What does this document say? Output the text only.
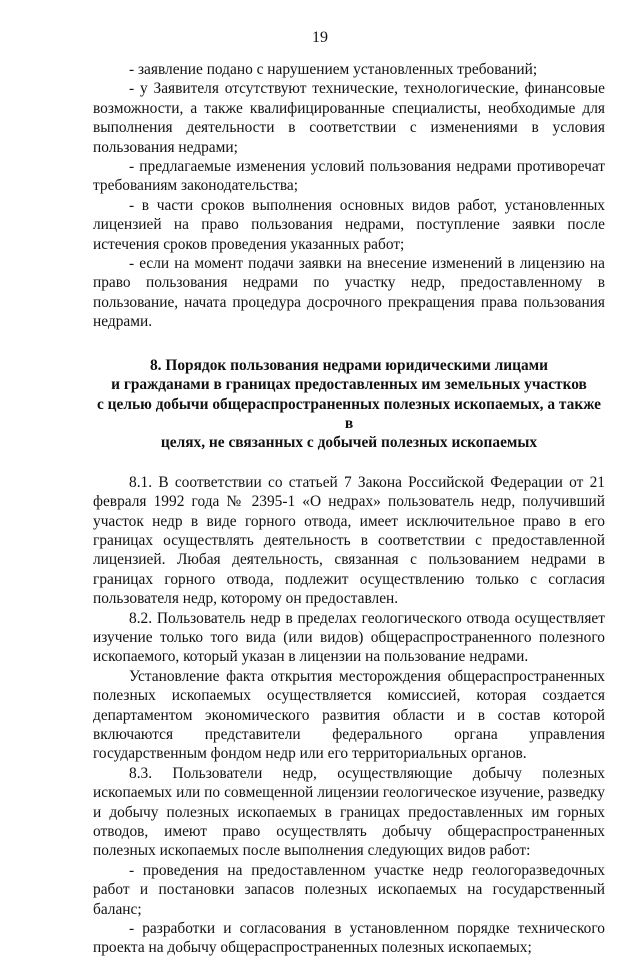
19

- заявление подано с нарушением установленных требований;

- у Заявителя отсутствуют технические, технологические, финансовые возможности, а также квалифицированные специалисты, необходимые для выполнения деятельности в соответствии с изменениями в условия пользования недрами;

- предлагаемые изменения условий пользования недрами противоречат требованиям законодательства;

- в части сроков выполнения основных видов работ, установленных лицензией на право пользования недрами, поступление заявки после истечения сроков проведения указанных работ;

- если на момент подачи заявки на внесение изменений в лицензию на право пользования недрами по участку недр, предоставленному в пользование, начата процедура досрочного прекращения права пользования недрами.

8. Порядок пользования недрами юридическими лицами
и гражданами в границах предоставленных им земельных участков
с целью добычи общераспространенных полезных ископаемых, а также в
целях, не связанных с добычей полезных ископаемых

8.1. В соответствии со статьей 7 Закона Российской Федерации от 21 февраля 1992 года № 2395-1 «О недрах» пользователь недр, получивший участок недр в виде горного отвода, имеет исключительное право в его границах осуществлять деятельность в соответствии с предоставленной лицензией. Любая деятельность, связанная с пользованием недрами в границах горного отвода, подлежит осуществлению только с согласия пользователя недр, которому он предоставлен.

8.2. Пользователь недр в пределах геологического отвода осуществляет изучение только того вида (или видов) общераспространенного полезного ископаемого, который указан в лицензии на пользование недрами.

Установление факта открытия месторождения общераспространенных полезных ископаемых осуществляется комиссией, которая создается департаментом экономического развития области и в состав которой включаются представители федерального органа управления государственным фондом недр или его территориальных органов.

8.3. Пользователи недр, осуществляющие добычу полезных ископаемых или по совмещенной лицензии геологическое изучение, разведку и добычу полезных ископаемых в границах предоставленных им горных отводов, имеют право осуществлять добычу общераспространенных полезных ископаемых после выполнения следующих видов работ:

- проведения на предоставленном участке недр геологоразведочных работ и постановки запасов полезных ископаемых на государственный баланс;

- разработки и согласования в установленном порядке технического проекта на добычу общераспространенных полезных ископаемых;
